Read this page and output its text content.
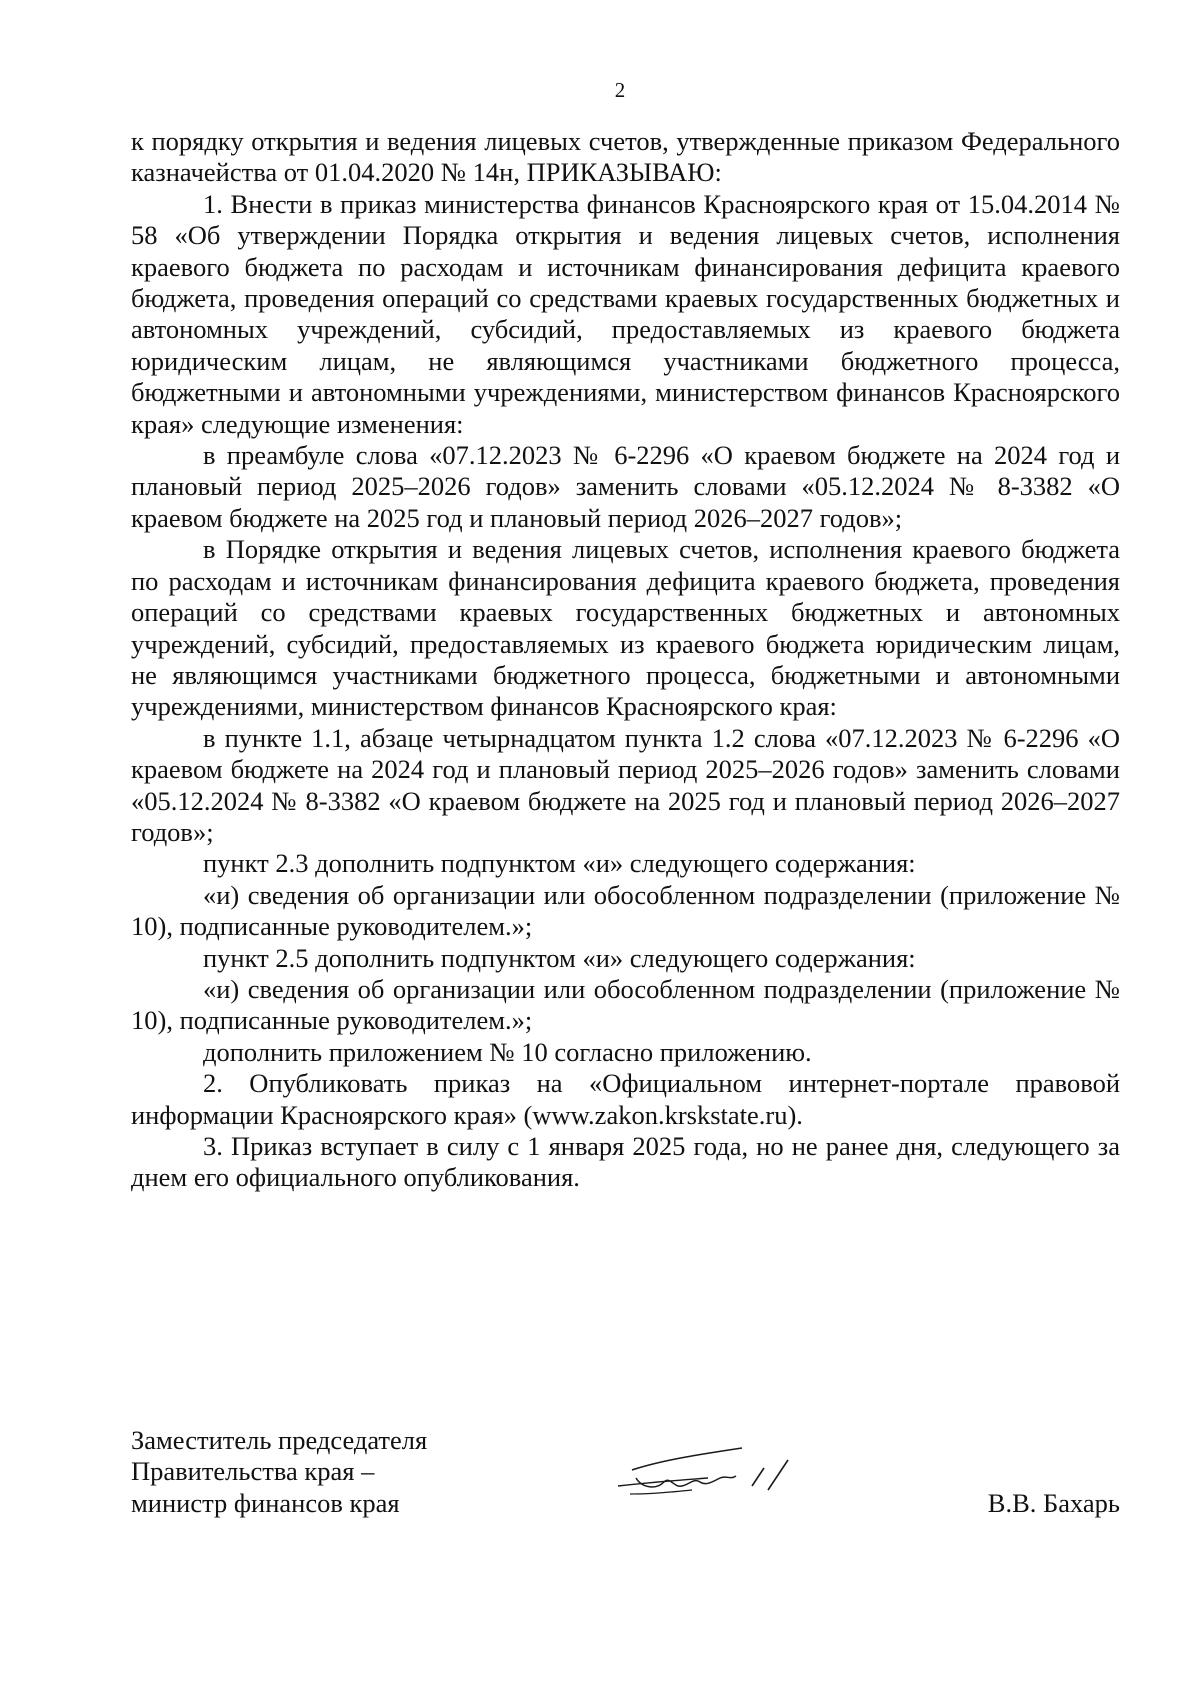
2

к порядку открытия и ведения лицевых счетов, утвержденные приказом Федерального казначейства от 01.04.2020 № 14н, ПРИКАЗЫВАЮ:

1. Внести в приказ министерства финансов Красноярского края от 15.04.2014 № 58 «Об утверждении Порядка открытия и ведения лицевых счетов, исполнения краевого бюджета по расходам и источникам финансирования дефицита краевого бюджета, проведения операций со средствами краевых государственных бюджетных и автономных учреждений, субсидий, предоставляемых из краевого бюджета юридическим лицам, не являющимся участниками бюджетного процесса, бюджетными и автономными учреждениями, министерством финансов Красноярского края» следующие изменения:

в преамбуле слова «07.12.2023 № 6-2296 «О краевом бюджете на 2024 год и плановый период 2025–2026 годов» заменить словами «05.12.2024 № 8-3382 «О краевом бюджете на 2025 год и плановый период 2026–2027 годов»;

в Порядке открытия и ведения лицевых счетов, исполнения краевого бюджета по расходам и источникам финансирования дефицита краевого бюджета, проведения операций со средствами краевых государственных бюджетных и автономных учреждений, субсидий, предоставляемых из краевого бюджета юридическим лицам, не являющимся участниками бюджетного процесса, бюджетными и автономными учреждениями, министерством финансов Красноярского края:

в пункте 1.1, абзаце четырнадцатом пункта 1.2 слова «07.12.2023 № 6-2296 «О краевом бюджете на 2024 год и плановый период 2025–2026 годов» заменить словами «05.12.2024 № 8-3382 «О краевом бюджете на 2025 год и плановый период 2026–2027 годов»;

пункт 2.3 дополнить подпунктом «и» следующего содержания:

«и) сведения об организации или обособленном подразделении (приложение № 10), подписанные руководителем.»;

пункт 2.5 дополнить подпунктом «и» следующего содержания:

«и) сведения об организации или обособленном подразделении (приложение № 10), подписанные руководителем.»;

дополнить приложением № 10 согласно приложению.

2. Опубликовать приказ на «Официальном интернет-портале правовой информации Красноярского края» (www.zakon.krskstate.ru).

3. Приказ вступает в силу с 1 января 2025 года, но не ранее дня, следующего за днем его официального опубликования.

Заместитель председателя
Правительства края –
министр финансов края	В.В. Бахарь
